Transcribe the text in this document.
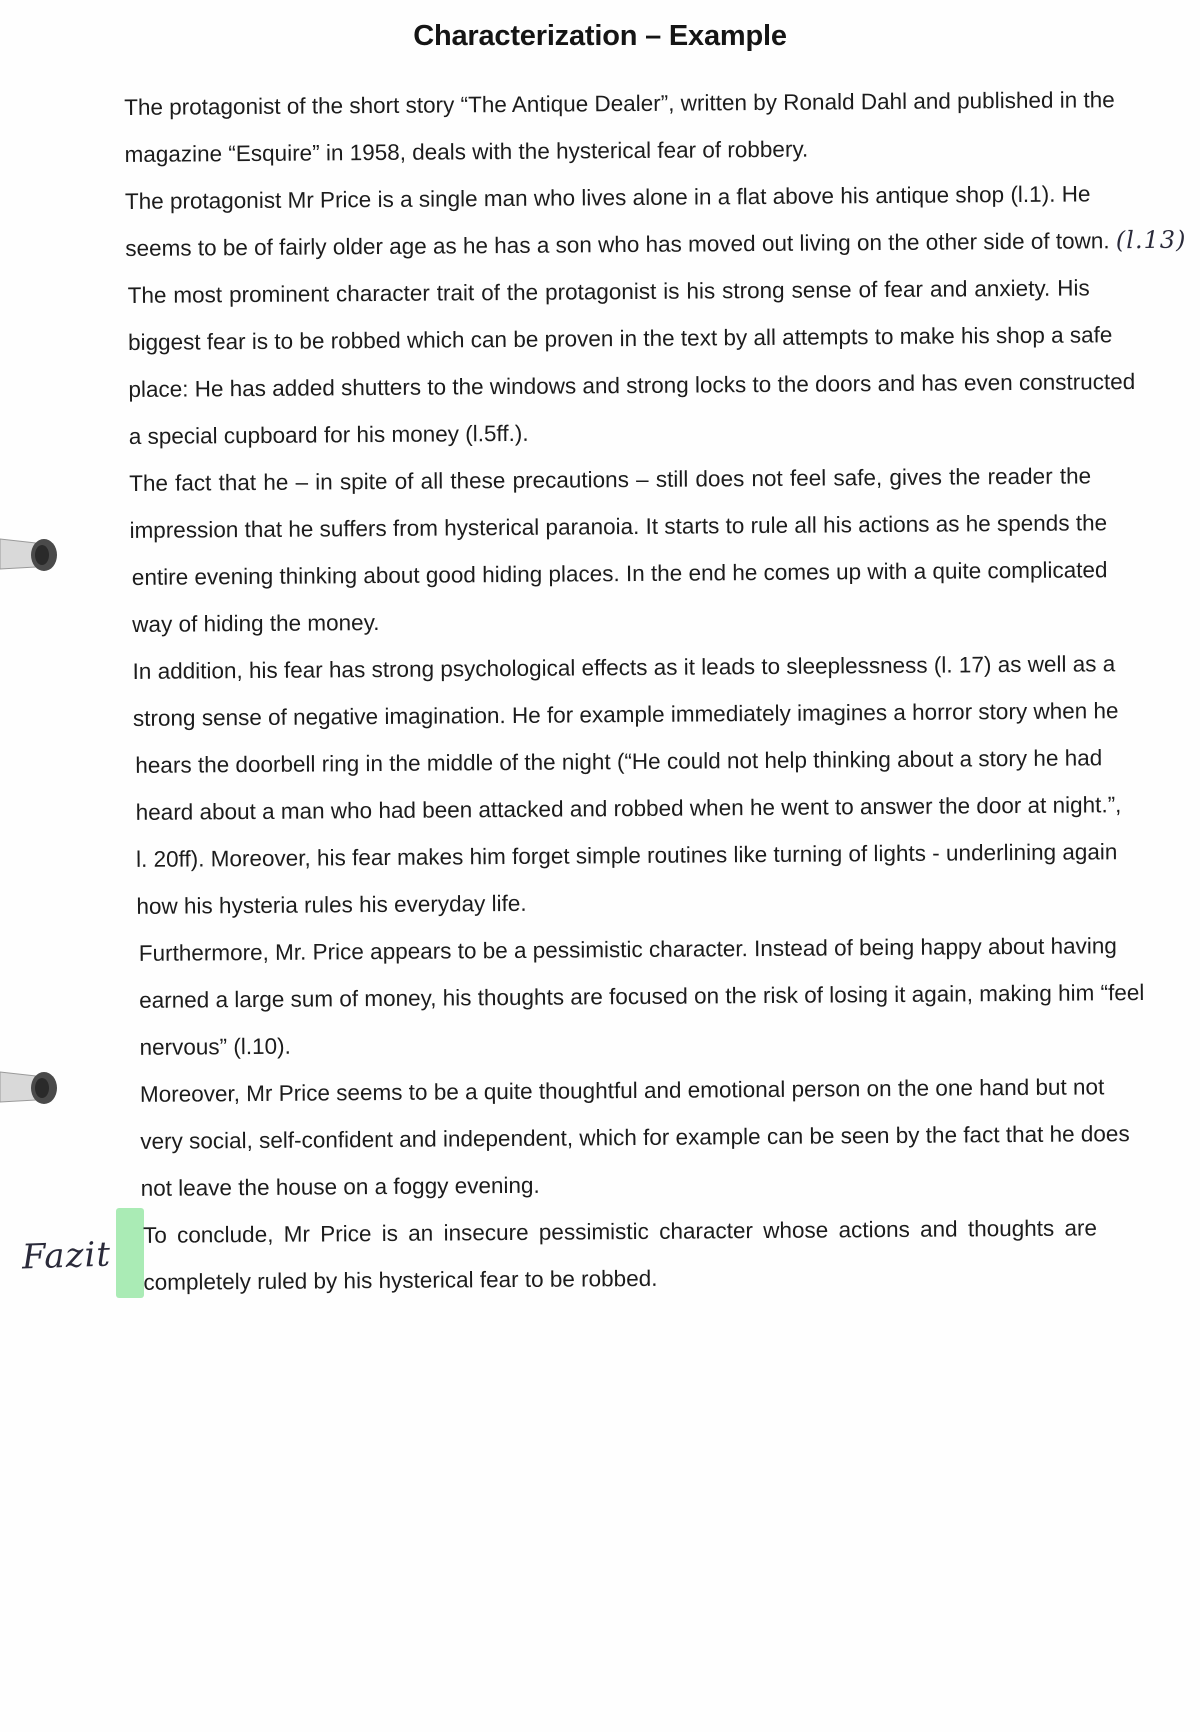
Characterization – Example
Fazit
The protagonist of the short story “The Antique Dealer”, written by Ronald Dahl and published in the
magazine “Esquire” in 1958, deals with the hysterical fear of robbery.
The protagonist Mr Price is a single man who lives alone in a flat above his antique shop (l.1). He
seems to be of fairly older age as he has a son who has moved out living on the other side of town. (l.13)
The most prominent character trait of the protagonist is his strong sense of fear and anxiety. His
biggest fear is to be robbed which can be proven in the text by all attempts to make his shop a safe
place: He has added shutters to the windows and strong locks to the doors and has even constructed
a special cupboard for his money (l.5ff.).
The fact that he – in spite of all these precautions – still does not feel safe, gives the reader the
impression that he suffers from hysterical paranoia. It starts to rule all his actions as he spends the
entire evening thinking about good hiding places. In the end he comes up with a quite complicated
way of hiding the money.
In addition, his fear has strong psychological effects as it leads to sleeplessness (l. 17) as well as a
strong sense of negative imagination. He for example immediately imagines a horror story when he
hears the doorbell ring in the middle of the night (“He could not help thinking about a story he had
heard about a man who had been attacked and robbed when he went to answer the door at night.”,
l. 20ff). Moreover, his fear makes him forget simple routines like turning of lights - underlining again
how his hysteria rules his everyday life.
Furthermore, Mr. Price appears to be a pessimistic character. Instead of being happy about having
earned a large sum of money, his thoughts are focused on the risk of losing it again, making him “feel
nervous” (l.10).
Moreover, Mr Price seems to be a quite thoughtful and emotional person on the one hand but not
very social, self-confident and independent, which for example can be seen by the fact that he does
not leave the house on a foggy evening.
To conclude, Mr Price is an insecure pessimistic character whose actions and thoughts are
completely ruled by his hysterical fear to be robbed.
